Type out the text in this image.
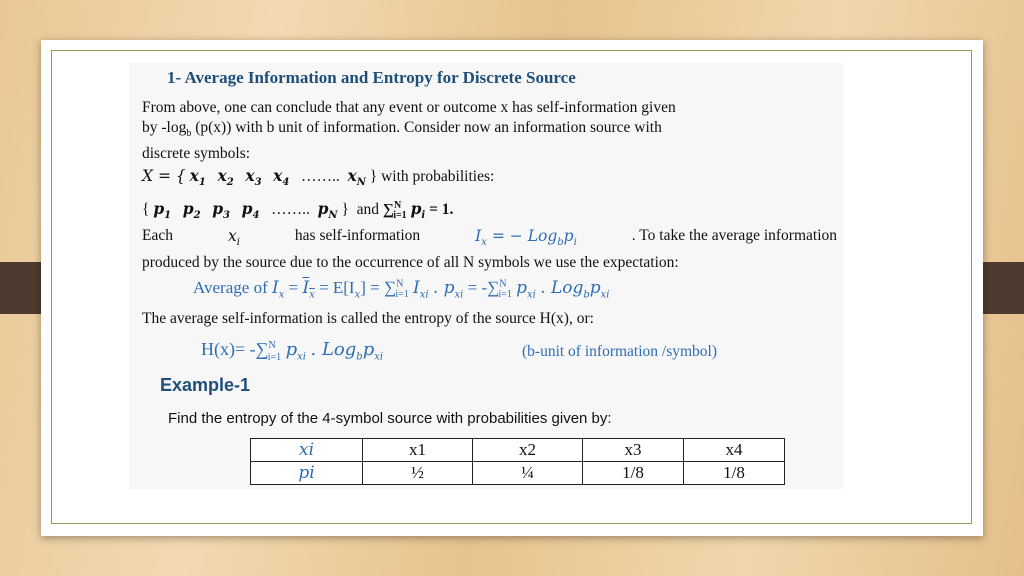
1- Average Information and Entropy for Discrete Source
From above, one can conclude that any event or outcome x has self-information given
by $-\log_b$ (p(x)) with b unit of information. Consider now an information source with
discrete symbols:
X = { $x_1$ $x_2$ $x_3$ $x_4$ …….. $x_N$ } with probabilities:
{ $p_1$ $p_2$ $p_3$ $p_4$ …….. $p_N$ } and ∑$^N_{i=1}$ $p_i = 1$.
Each	$x_i$	has self-information	$I_x$ = − $Log_bp_i$	. To take the average information
produced by the source due to the occurrence of all N symbols we use the expectation:
Average of $I_x = I_x = E[I_x] = \sum^N_{i=1}$ $I_{xi}$ . $p_{xi} = -\sum^N_{i=1}$ $p_{xi}$ . $Log_bp_{xi}$
The average self-information is called the entropy of the source H(x), or:
H(x)= -∑$^N_{i=1}$ $p_{xi}$ . $Log_bp_{xi}$	(b-unit of information /symbol)
Example-1
Find the entropy of the 4-symbol source with probabilities given by:
xi	x1	x2	x3	x4
pi	½	¼	1/8	1/8
